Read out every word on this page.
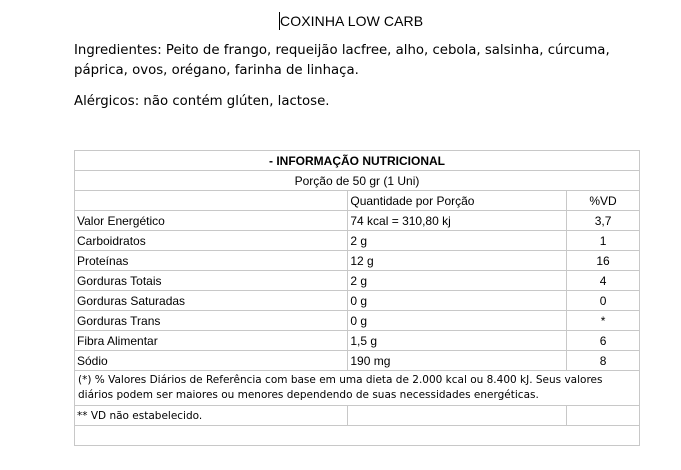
COXINHA LOW CARB
Ingredientes: Peito de frango, requeijão lacfree, alho, cebola, salsinha, cúrcuma, páprica, ovos, orégano, farinha de linhaça.
Alérgicos: não contém glúten, lactose.
- INFORMAÇÃO NUTRICIONAL		
Porção de 50 gr (1 Uni)		
	Quantidade por Porção	%VD
Valor Energético	74 kcal = 310,80 kj	3,7
Carboidratos	2 g	1
Proteínas	12 g	16
Gorduras Totais	2 g	4
Gorduras Saturadas	0 g	0
Gorduras Trans	0 g	*
Fibra Alimentar	1,5 g	6
Sódio	190 mg	8
(*) % Valores Diários de Referência com base em uma dieta de 2.000 kcal ou 8.400 kJ. Seus valores diários podem ser maiores ou menores dependendo de suas necessidades energéticas.		
** VD não estabelecido.		
